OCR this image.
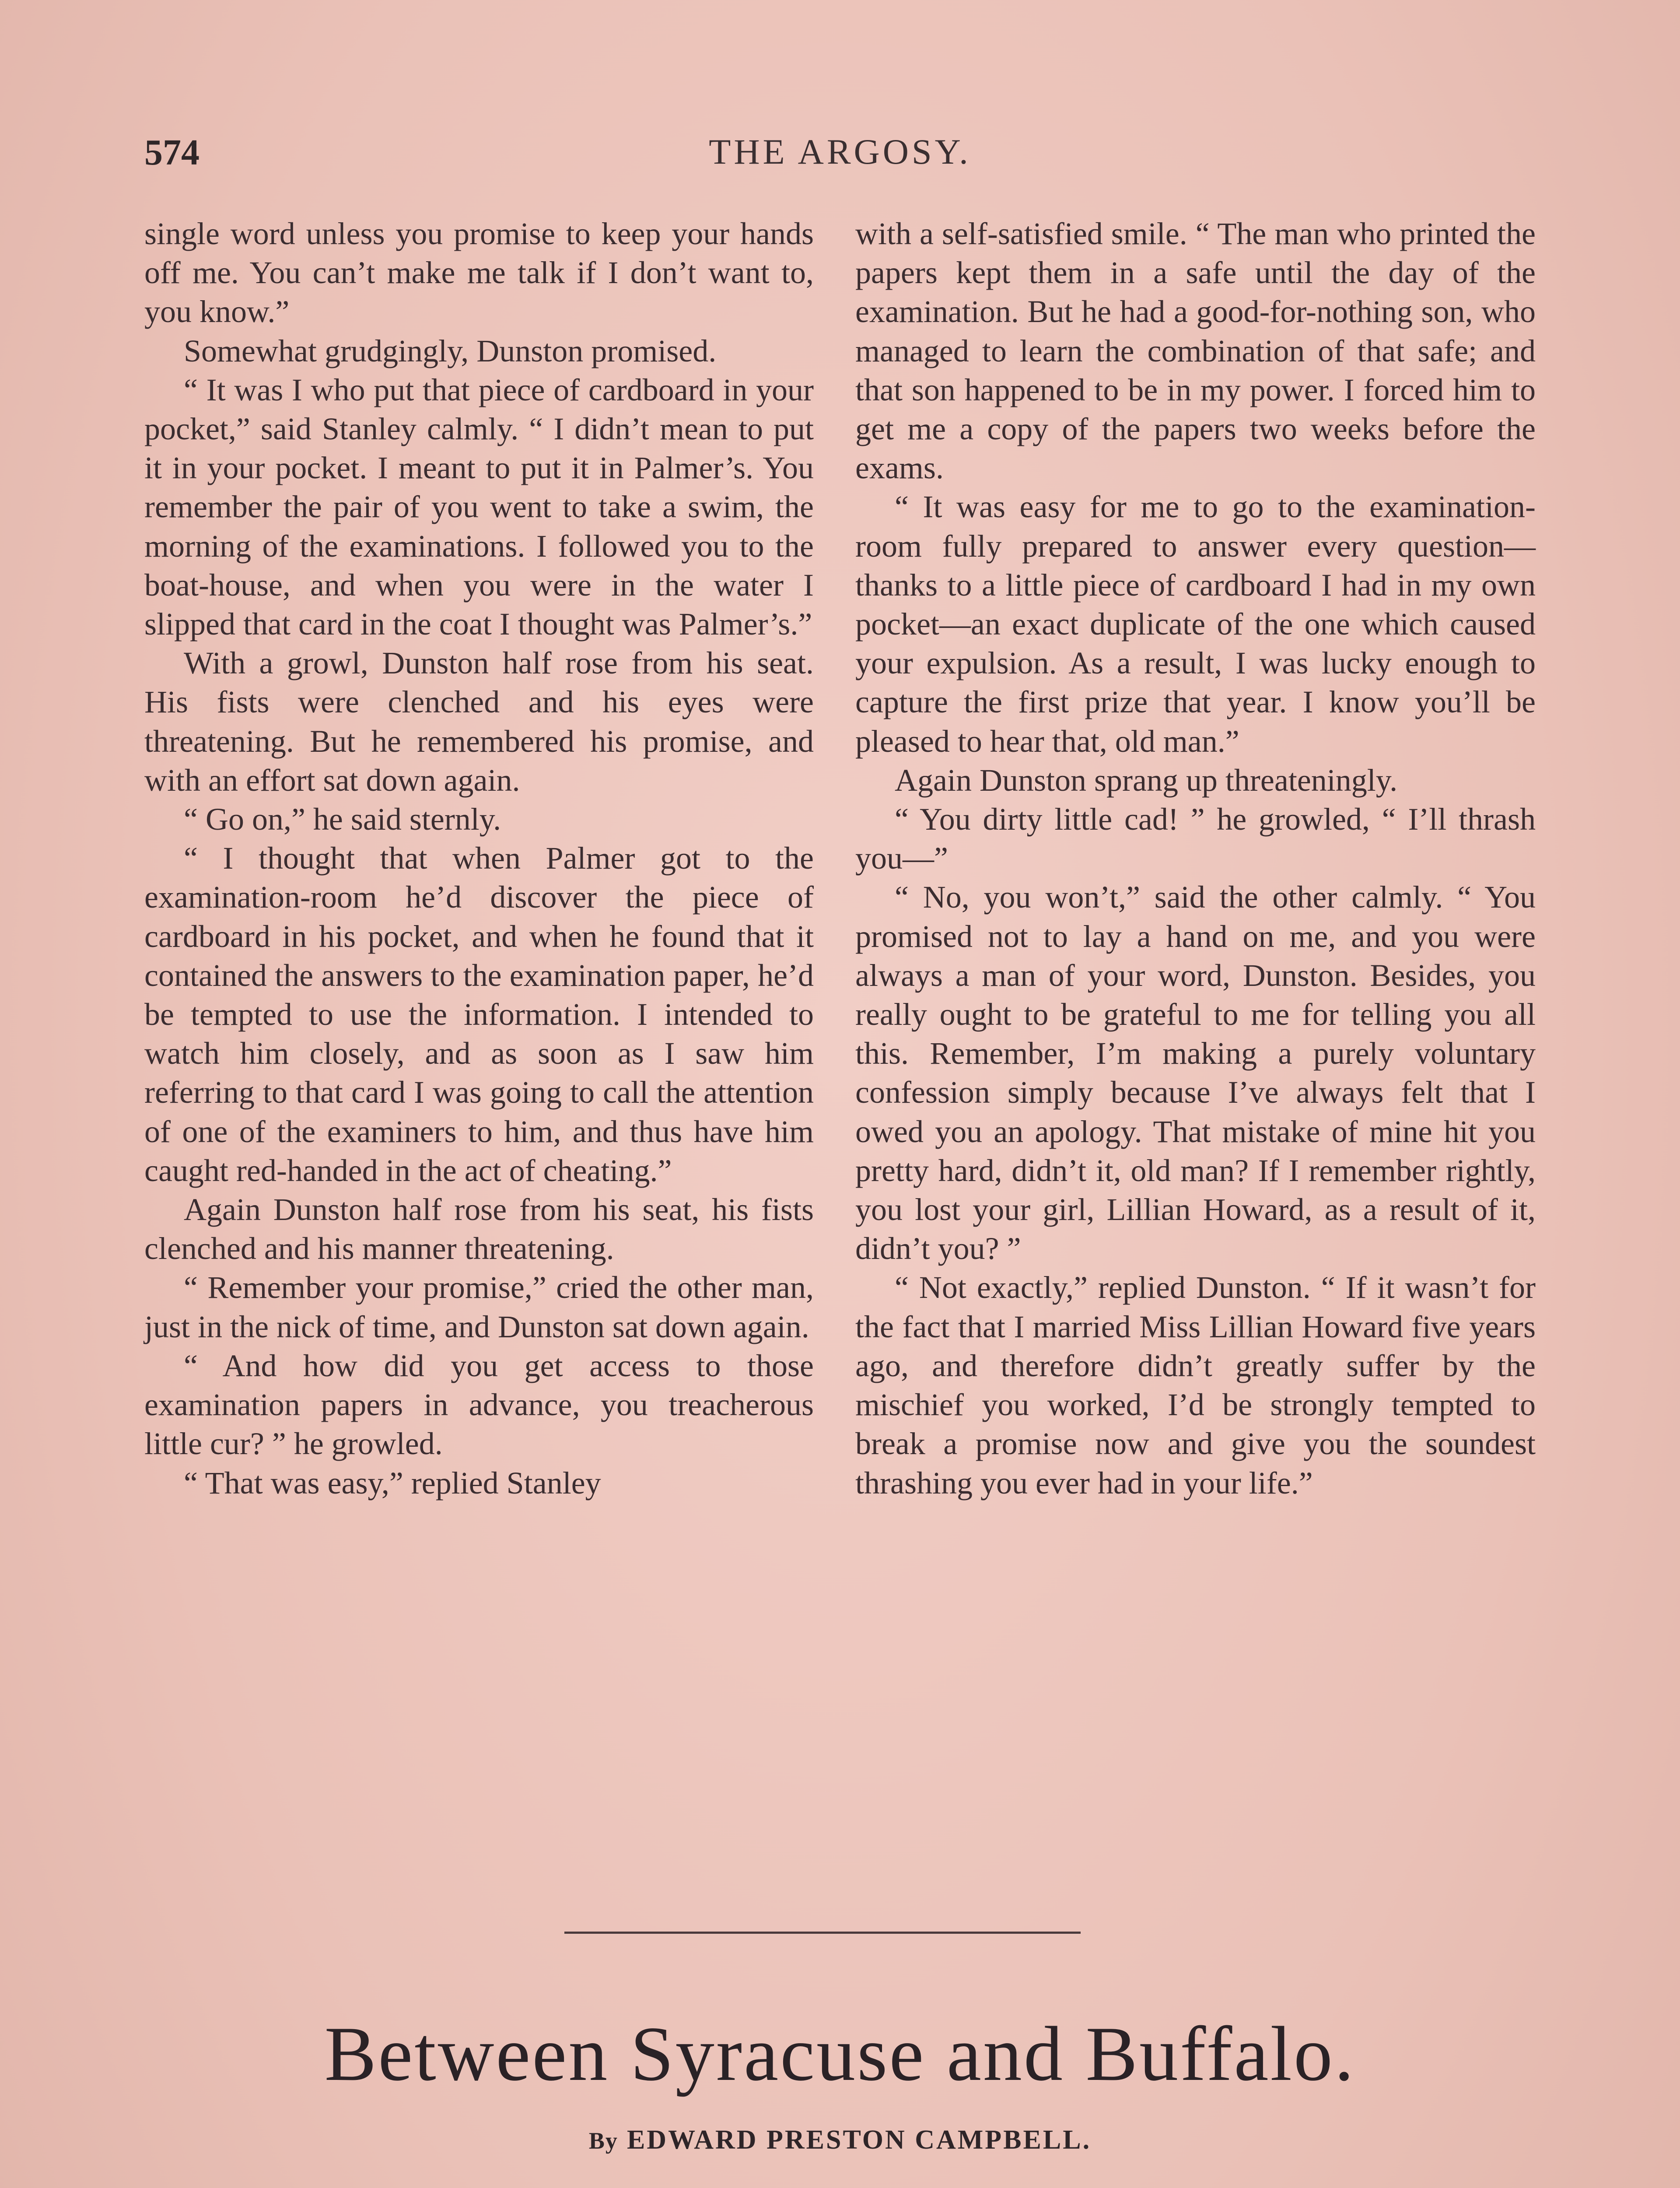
574	THE ARGOSY.

single word unless you promise to keep your hands off me. You can’t make me talk if I don’t want to, you know.”

Somewhat grudgingly, Dunston promised.

“ It was I who put that piece of cardboard in your pocket,” said Stanley calmly. “ I didn’t mean to put it in your pocket. I meant to put it in Palmer’s. You remember the pair of you went to take a swim, the morning of the examinations. I followed you to the boat-house, and when you were in the water I slipped that card in the coat I thought was Palmer’s.”

With a growl, Dunston half rose from his seat. His fists were clenched and his eyes were threatening. But he remembered his promise, and with an effort sat down again.

“ Go on,” he said sternly.

“ I thought that when Palmer got to the examination-room he’d discover the piece of cardboard in his pocket, and when he found that it contained the answers to the examination paper, he’d be tempted to use the information. I intended to watch him closely, and as soon as I saw him referring to that card I was going to call the attention of one of the examiners to him, and thus have him caught red-handed in the act of cheating.”

Again Dunston half rose from his seat, his fists clenched and his manner threatening.

“ Remember your promise,” cried the other man, just in the nick of time, and Dunston sat down again.

“ And how did you get access to those examination papers in advance, you treacherous little cur? ” he growled.

“ That was easy,” replied Stanley

with a self-satisfied smile. “ The man who printed the papers kept them in a safe until the day of the examination. But he had a good-for-nothing son, who managed to learn the combination of that safe; and that son happened to be in my power. I forced him to get me a copy of the papers two weeks before the exams.

“ It was easy for me to go to the examination-room fully prepared to answer every question—thanks to a little piece of cardboard I had in my own pocket—an exact duplicate of the one which caused your expulsion. As a result, I was lucky enough to capture the first prize that year. I know you’ll be pleased to hear that, old man.”

Again Dunston sprang up threateningly.

“ You dirty little cad! ” he growled, “ I’ll thrash you—”

“ No, you won’t,” said the other calmly. “ You promised not to lay a hand on me, and you were always a man of your word, Dunston. Besides, you really ought to be grateful to me for telling you all this. Remember, I’m making a purely voluntary confession simply because I’ve always felt that I owed you an apology. That mistake of mine hit you pretty hard, didn’t it, old man? If I remember rightly, you lost your girl, Lillian Howard, as a result of it, didn’t you? ”

“ Not exactly,” replied Dunston. “ If it wasn’t for the fact that I married Miss Lillian Howard five years ago, and therefore didn’t greatly suffer by the mischief you worked, I’d be strongly tempted to break a promise now and give you the soundest thrashing you ever had in your life.”

Between Syracuse and Buffalo.
By EDWARD PRESTON CAMPBELL.
